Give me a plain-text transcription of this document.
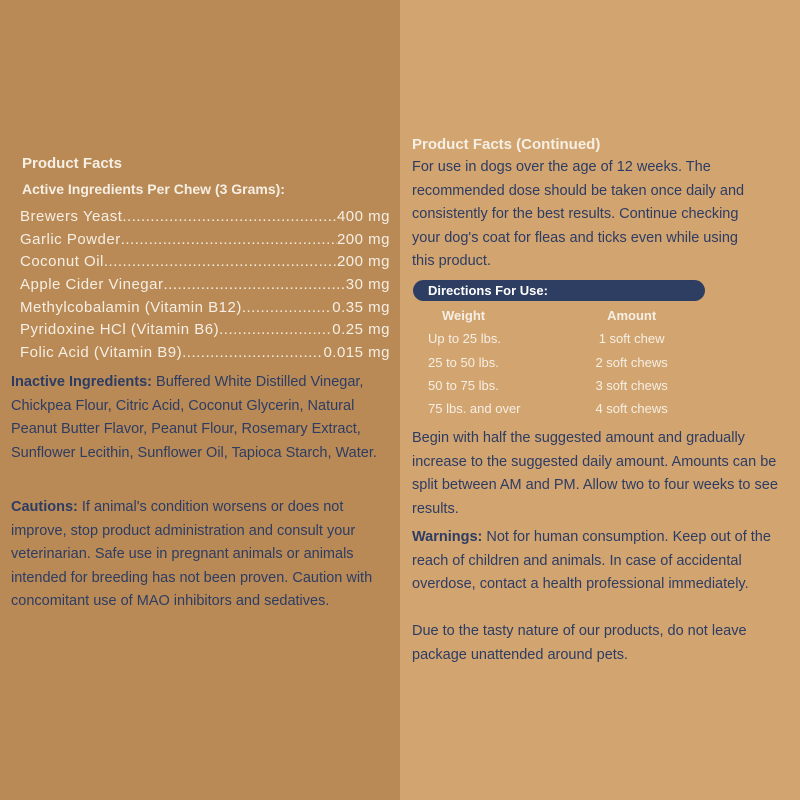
Product Facts
Active Ingredients Per Chew (3 Grams):
Brewers Yeast .....	400 mg
Garlic Powder .....	200 mg
Coconut Oil .....	200 mg
Apple Cider Vinegar .....	30 mg
Methylcobalamin (Vitamin B12) .....	0.35 mg
Pyridoxine HCl (Vitamin B6) .....	0.25 mg
Folic Acid (Vitamin B9) .....	0.015 mg
Inactive Ingredients: Buffered White Distilled Vinegar, Chickpea Flour, Citric Acid, Coconut Glycerin, Natural Peanut Butter Flavor, Peanut Flour, Rosemary Extract, Sunflower Lecithin, Sunflower Oil, Tapioca Starch, Water.
Cautions: If animal's condition worsens or does not improve, stop product administration and consult your veterinarian. Safe use in pregnant animals or animals intended for breeding has not been proven. Caution with concomitant use of MAO inhibitors and sedatives.
Product Facts (Continued)
For use in dogs over the age of 12 weeks. The recommended dose should be taken once daily and consistently for the best results. Continue checking your dog's coat for fleas and ticks even while using this product.
Directions For Use:
Weight	Amount
Up to 25 lbs.	1 soft chew
25 to 50 lbs.	2 soft chews
50 to 75 lbs.	3 soft chews
75 lbs. and over	4 soft chews
Begin with half the suggested amount and gradually increase to the suggested daily amount. Amounts can be split between AM and PM. Allow two to four weeks to see results.
Warnings: Not for human consumption. Keep out of the reach of children and animals. In case of accidental overdose, contact a health professional immediately.
Due to the tasty nature of our products, do not leave package unattended around pets.
